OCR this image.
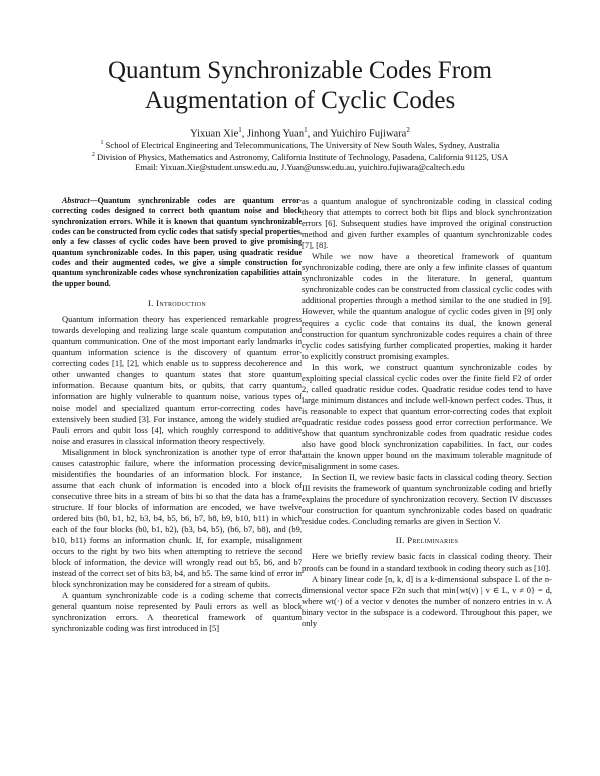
Quantum Synchronizable Codes From
Augmentation of Cyclic Codes
Yixuan Xie$^1$, Jinhong Yuan$^1$, and Yuichiro Fujiwara$^2$
$^1$ School of Electrical Engineering and Telecommunications, The University of New South Wales, Sydney, Australia
$^2$ Division of Physics, Mathematics and Astronomy, California Institute of Technology, Pasadena, California 91125, USA
Email: Yixuan.Xie@student.unsw.edu.au, J.Yuan@unsw.edu.au, yuichiro.fujiwara@caltech.edu

Abstract—Quantum synchronizable codes are quantum error-correcting codes designed to correct both quantum noise and block synchronization errors. While it is known that quantum synchronizable codes can be constructed from cyclic codes that satisfy special properties, only a few classes of cyclic codes have been proved to give promising quantum synchronizable codes. In this paper, using quadratic residue codes and their augmented codes, we give a simple construction for quantum synchronizable codes whose synchronization capabilities attain the upper bound.

I. Introduction

Quantum information theory has experienced remarkable progress towards developing and realizing large scale quantum computation and quantum communication. One of the most important early landmarks in quantum information science is the discovery of quantum error-correcting codes [1], [2], which enable us to suppress decoherence and other unwanted changes to quantum states that store quantum information. Because quantum bits, or qubits, that carry quantum information are highly vulnerable to quantum noise, various types of noise model and specialized quantum error-correcting codes have extensively been studied [3]. For instance, among the widely studied are Pauli errors and qubit loss [4], which roughly correspond to additive noise and erasures in classical information theory respectively.

Misalignment in block synchronization is another type of error that causes catastrophic failure, where the information processing device misidentifies the boundaries of an information block. For instance, assume that each chunk of information is encoded into a block of consecutive three bits in a stream of bits bi so that the data has a frame structure. If four blocks of information are encoded, we have twelve ordered bits (b0, b1, b2, b3, b4, b5, b6, b7, b8, b9, b10, b11) in which each of the four blocks (b0, b1, b2), (b3, b4, b5), (b6, b7, b8), and (b9, b10, b11) forms an information chunk. If, for example, misalignment occurs to the right by two bits when attempting to retrieve the second block of information, the device will wrongly read out b5, b6, and b7 instead of the correct set of bits b3, b4, and b5. The same kind of error in block synchronization may be considered for a stream of qubits.

A quantum synchronizable code is a coding scheme that corrects general quantum noise represented by Pauli errors as well as block synchronization errors. A theoretical framework of quantum synchronizable coding was first introduced in [5]

as a quantum analogue of synchronizable coding in classical coding theory that attempts to correct both bit flips and block synchronization errors [6]. Subsequent studies have improved the original construction method and given further examples of quantum synchronizable codes [7], [8].

While we now have a theoretical framework of quantum synchronizable coding, there are only a few infinite classes of quantum synchronizable codes in the literature. In general, quantum synchronizable codes can be constructed from classical cyclic codes with additional properties through a method similar to the one studied in [9]. However, while the quantum analogue of cyclic codes given in [9] only requires a cyclic code that contains its dual, the known general construction for quantum synchronizable codes requires a chain of three cyclic codes satisfying further complicated properties, making it harder to explicitly construct promising examples.

In this work, we construct quantum synchronizable codes by exploiting special classical cyclic codes over the finite field F2 of order 2, called quadratic residue codes. Quadratic residue codes tend to have large minimum distances and include well-known perfect codes. Thus, it is reasonable to expect that quantum error-correcting codes that exploit quadratic residue codes possess good error correction performance. We show that quantum synchronizable codes from quadratic residue codes also have good block synchronization capabilities. In fact, our codes attain the known upper bound on the maximum tolerable magnitude of misalignment in some cases.

In Section II, we review basic facts in classical coding theory. Section III revisits the framework of quantum synchronizable coding and briefly explains the procedure of synchronization recovery. Section IV discusses our construction for quantum synchronizable codes based on quadratic residue codes. Concluding remarks are given in Section V.

II. Preliminaries

Here we briefly review basic facts in classical coding theory. Their proofs can be found in a standard textbook in coding theory such as [10].

A binary linear code [n, k, d] is a k-dimensional subspace L of the n-dimensional vector space F2n such that min{wt(v) | v ∈ L, v ≠ 0} = d, where wt(·) of a vector v denotes the number of nonzero entries in v. A binary vector in the subspace is a codeword. Throughout this paper, we only
